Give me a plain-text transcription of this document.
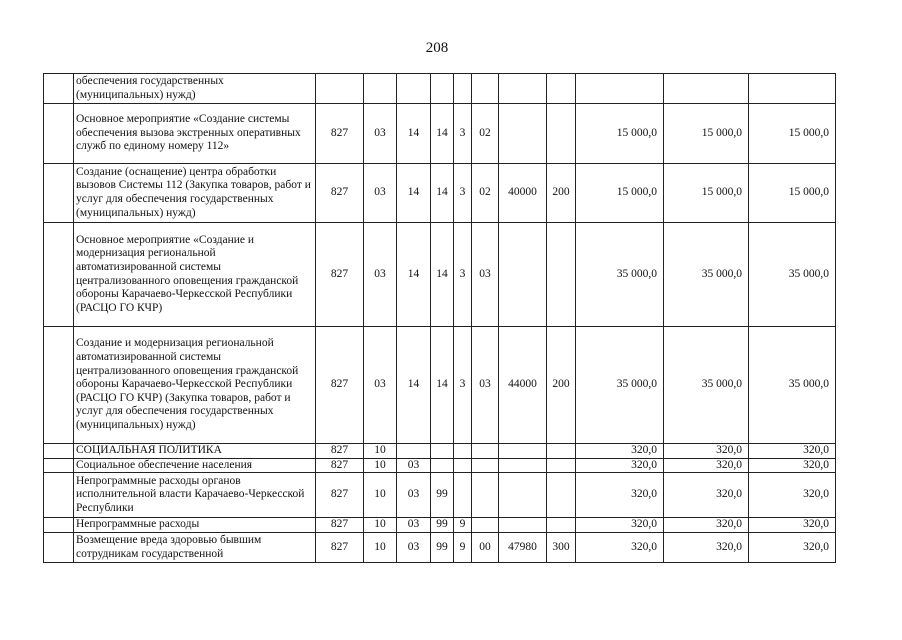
208
	обеспечения государственных (муниципальных) нужд)											
	Основное мероприятие «Создание системы обеспечения вызова экстренных оперативных служб по единому номеру 112»	827	03	14	14	3	02			15 000,0	15 000,0	15 000,0
	Создание (оснащение) центра обработки вызовов Системы 112 (Закупка товаров, работ и услуг для обеспечения государственных (муниципальных) нужд)	827	03	14	14	3	02	40000	200	15 000,0	15 000,0	15 000,0
	Основное мероприятие «Создание и модернизация региональной автоматизированной системы централизованного оповещения гражданской обороны Карачаево-Черкесской Республики (РАСЦО ГО КЧР)	827	03	14	14	3	03			35 000,0	35 000,0	35 000,0
	Создание и модернизация региональной автоматизированной системы централизованного оповещения гражданской обороны Карачаево-Черкесской Республики (РАСЦО ГО КЧР) (Закупка товаров, работ и услуг для обеспечения государственных (муниципальных) нужд)	827	03	14	14	3	03	44000	200	35 000,0	35 000,0	35 000,0
	СОЦИАЛЬНАЯ ПОЛИТИКА	827	10							320,0	320,0	320,0
	Социальное обеспечение населения	827	10	03						320,0	320,0	320,0
	Непрограммные расходы органов исполнительной власти Карачаево-Черкесской Республики	827	10	03	99					320,0	320,0	320,0
	Непрограммные расходы	827	10	03	99	9				320,0	320,0	320,0
	Возмещение вреда здоровью бывшим сотрудникам государственной	827	10	03	99	9	00	47980	300	320,0	320,0	320,0
